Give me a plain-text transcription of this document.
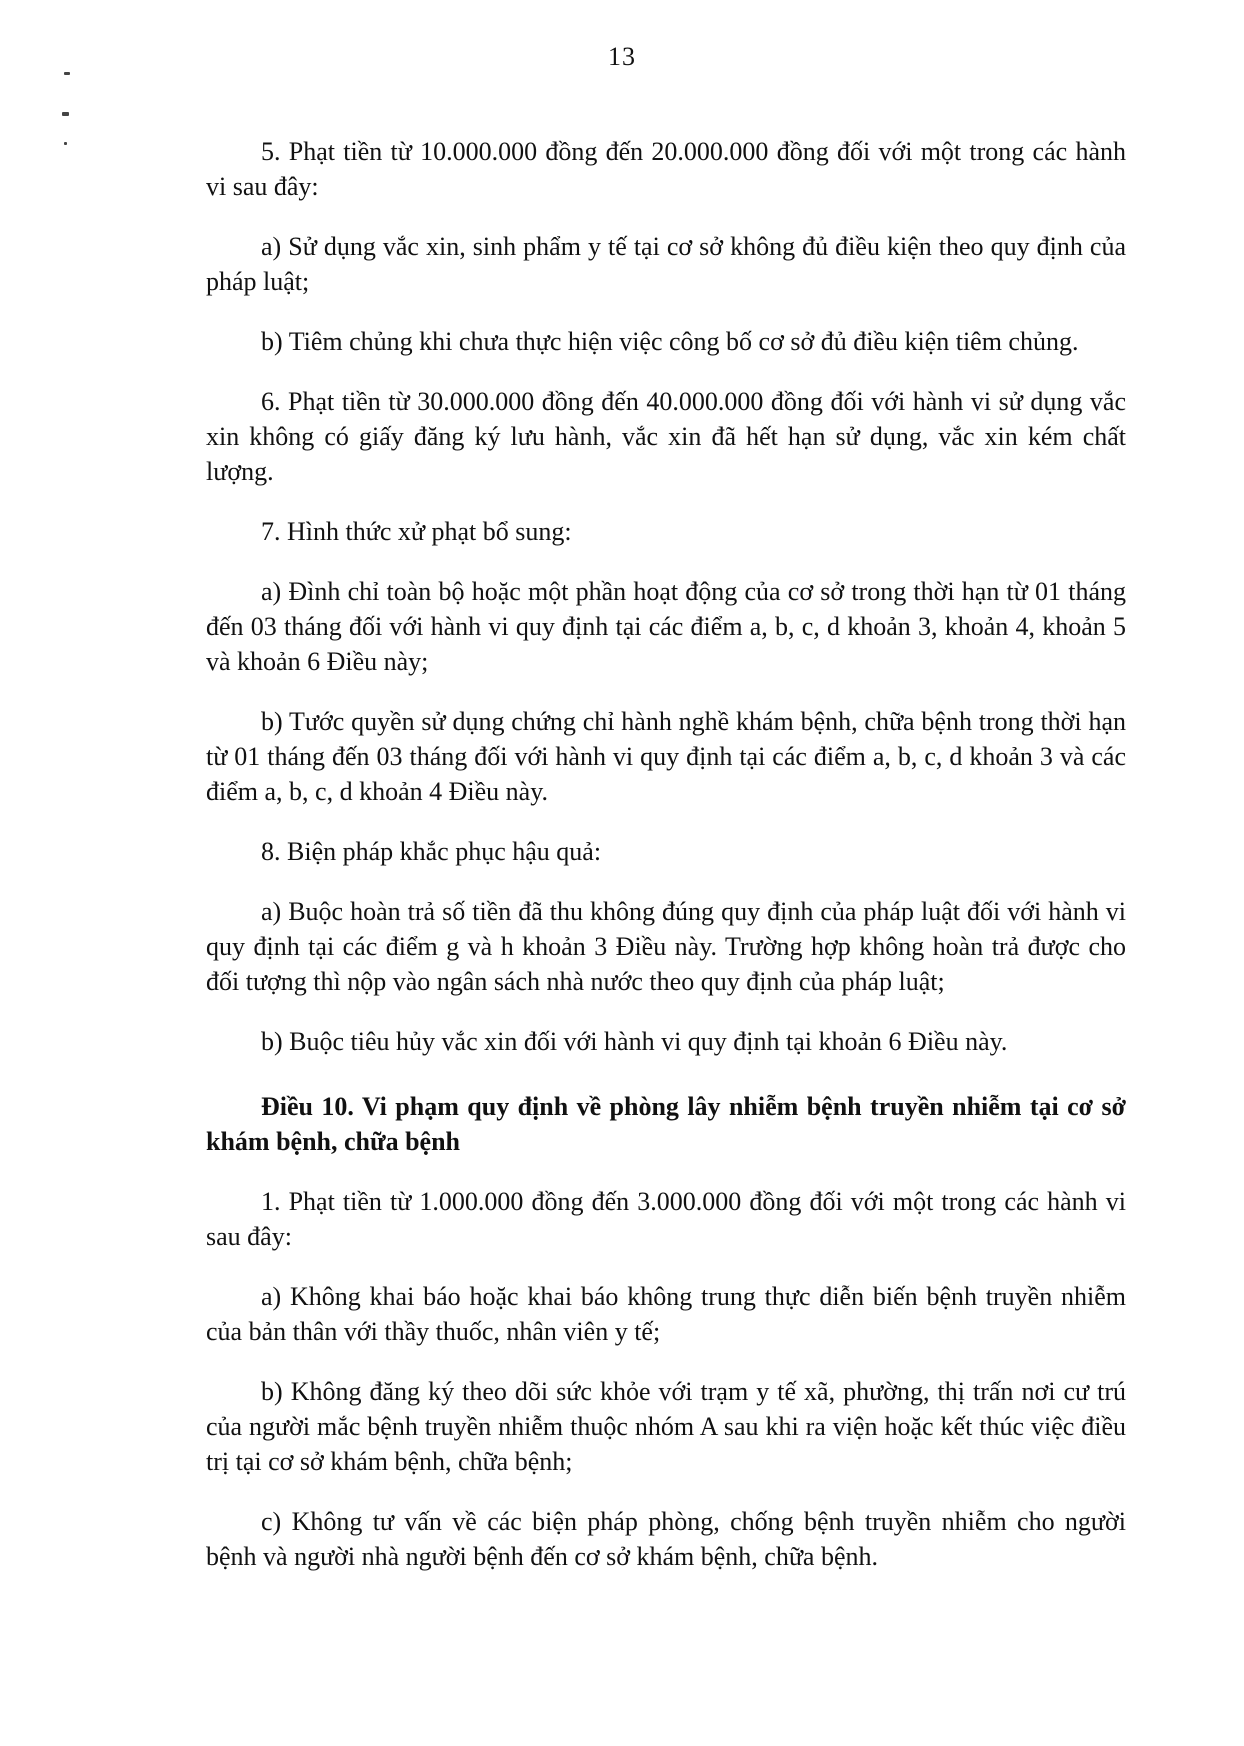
13

5. Phạt tiền từ 10.000.000 đồng đến 20.000.000 đồng đối với một trong các hành vi sau đây:

a) Sử dụng vắc xin, sinh phẩm y tế tại cơ sở không đủ điều kiện theo quy định của pháp luật;

b) Tiêm chủng khi chưa thực hiện việc công bố cơ sở đủ điều kiện tiêm chủng.

6. Phạt tiền từ 30.000.000 đồng đến 40.000.000 đồng đối với hành vi sử dụng vắc xin không có giấy đăng ký lưu hành, vắc xin đã hết hạn sử dụng, vắc xin kém chất lượng.

7. Hình thức xử phạt bổ sung:

a) Đình chỉ toàn bộ hoặc một phần hoạt động của cơ sở trong thời hạn từ 01 tháng đến 03 tháng đối với hành vi quy định tại các điểm a, b, c, d khoản 3, khoản 4, khoản 5 và khoản 6 Điều này;

b) Tước quyền sử dụng chứng chỉ hành nghề khám bệnh, chữa bệnh trong thời hạn từ 01 tháng đến 03 tháng đối với hành vi quy định tại các điểm a, b, c, d khoản 3 và các điểm a, b, c, d khoản 4 Điều này.

8. Biện pháp khắc phục hậu quả:

a) Buộc hoàn trả số tiền đã thu không đúng quy định của pháp luật đối với hành vi quy định tại các điểm g và h khoản 3 Điều này. Trường hợp không hoàn trả được cho đối tượng thì nộp vào ngân sách nhà nước theo quy định của pháp luật;

b) Buộc tiêu hủy vắc xin đối với hành vi quy định tại khoản 6 Điều này.

Điều 10. Vi phạm quy định về phòng lây nhiễm bệnh truyền nhiễm tại cơ sở khám bệnh, chữa bệnh

1. Phạt tiền từ 1.000.000 đồng đến 3.000.000 đồng đối với một trong các hành vi sau đây:

a) Không khai báo hoặc khai báo không trung thực diễn biến bệnh truyền nhiễm của bản thân với thầy thuốc, nhân viên y tế;

b) Không đăng ký theo dõi sức khỏe với trạm y tế xã, phường, thị trấn nơi cư trú của người mắc bệnh truyền nhiễm thuộc nhóm A sau khi ra viện hoặc kết thúc việc điều trị tại cơ sở khám bệnh, chữa bệnh;

c) Không tư vấn về các biện pháp phòng, chống bệnh truyền nhiễm cho người bệnh và người nhà người bệnh đến cơ sở khám bệnh, chữa bệnh.
